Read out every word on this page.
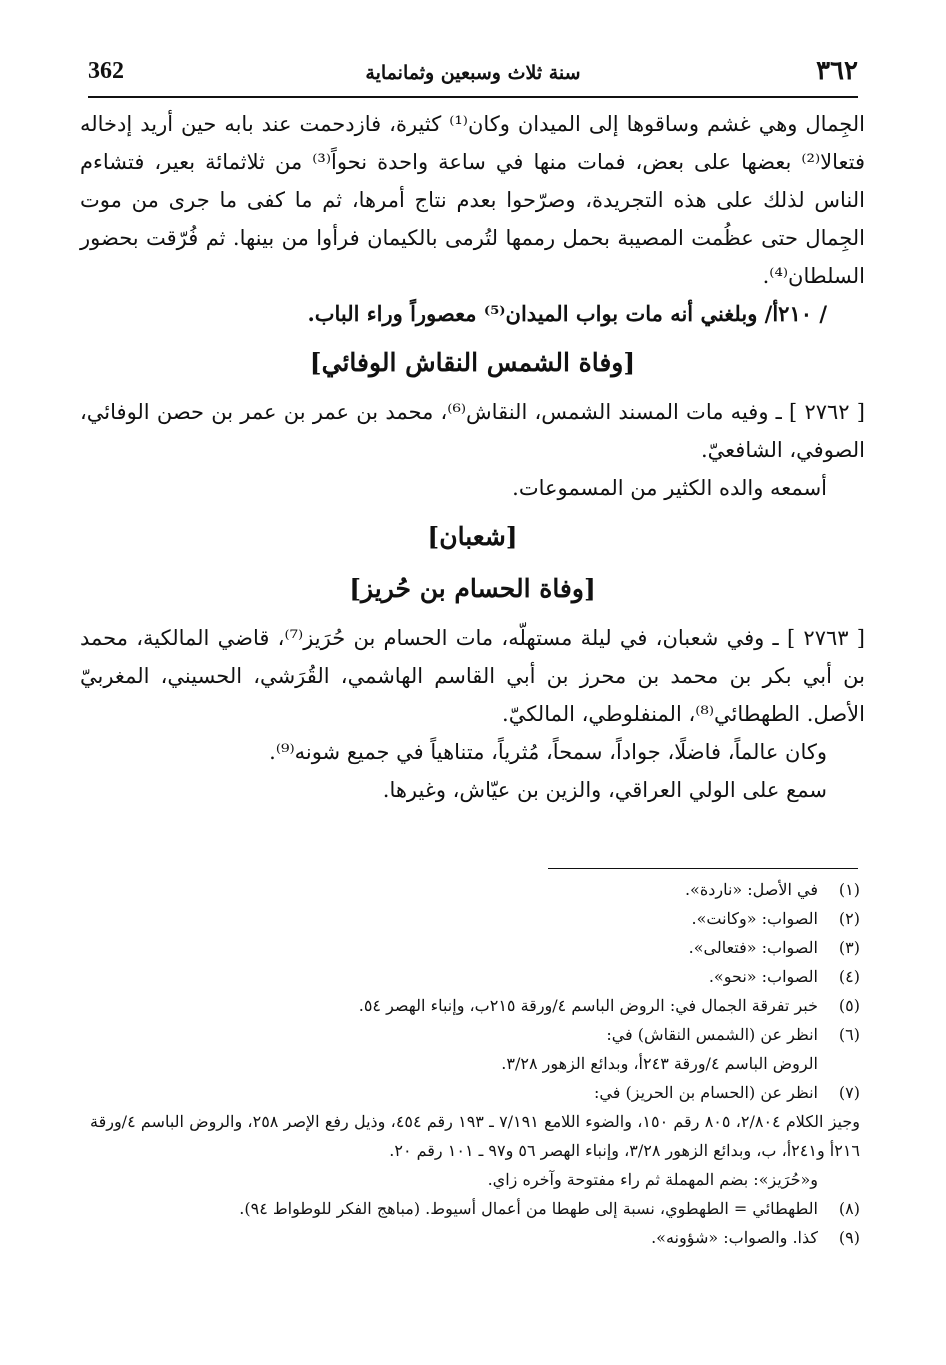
362	سنة ثلاث وسبعين وثمانماية	٣٦٢

الجِمال وهي غشم وساقوها إلى الميدان وكان⁽¹⁾ كثيرة، فازدحمت عند بابه حين أريد إدخاله فتعالا⁽²⁾ بعضها على بعض، فمات منها في ساعة واحدة نحواً⁽³⁾ من ثلاثمائة بعير، فتشاءم الناس لذلك على هذه التجريدة، وصرّحوا بعدم نتاج أمرها، ثم ما كفى ما جرى من موت الجِمال حتى عظُمت المصيبة بحمل رممها لتُرمى بالكيمان فرأوا من بينها. ثم فُرّقت بحضور السلطان⁽⁴⁾.

/ ٢١٠أ/ وبلغني أنه مات بواب الميدان⁽⁵⁾ معصوراً وراء الباب.

[وفاة الشمس النقاش الوفائي]

[ ٢٧٦٢ ] ـ وفيه مات المسند الشمس، النقاش⁽⁶⁾، محمد بن عمر بن عمر بن حصن الوفائي، الصوفي، الشافعيّ.

أسمعه والده الكثير من المسموعات.

[شعبان]
[وفاة الحسام بن حُريز]

[ ٢٧٦٣ ] ـ وفي شعبان، في ليلة مستهلّه، مات الحسام بن حُرَيز⁽⁷⁾، قاضي المالكية، محمد بن أبي بكر بن محمد بن محرز بن أبي القاسم الهاشمي، القُرَشي، الحسيني، المغربيّ الأصل. الطهطائي⁽⁸⁾، المنفلوطي، المالكيّ.

وكان عالماً، فاضلًا، جواداً، سمحاً، مُثرياً، متناهياً في جميع شونه⁽⁹⁾.

سمع على الولي العراقي، والزين بن عيّاش، وغيرها.

(١)
في الأصل: «ناردة».
(٢)
الصواب: «وكانت».
(٣)
الصواب: «فتعالى».
(٤)
الصواب: «نحو».
(٥)
خبر تفرقة الجمال في: الروض الباسم ٤/ورقة ٢١٥ب، وإنباء الهصر ٥٤.
(٦)
انظر عن (الشمس النقاش) في:
الروض الباسم ٤/ورقة ٢٤٣أ، وبدائع الزهور ٣/٢٨.
(٧)
انظر عن (الحسام بن الحريز) في:
وجيز الكلام ٢/٨٠٤، ٨٠٥ رقم ١٥٠، والضوء اللامع ٧/١٩١ ـ ١٩٣ رقم ٤٥٤، وذيل رفع الإصر ٢٥٨، والروض الباسم ٤/ورقة ٢١٦أ و٢٤١أ، ب، وبدائع الزهور ٣/٢٨، وإنباء الهصر ٥٦ و٩٧ ـ ١٠١ رقم ٢٠.
و«حُرَيز»: بضم المهملة ثم راء مفتوحة وآخره زاي.
(٨)
الطهطائي = الطهطوي، نسبة إلى طهطا من أعمال أسيوط. (مباهج الفكر للوطواط ٩٤).
(٩)
كذا. والصواب: «شؤونه».
